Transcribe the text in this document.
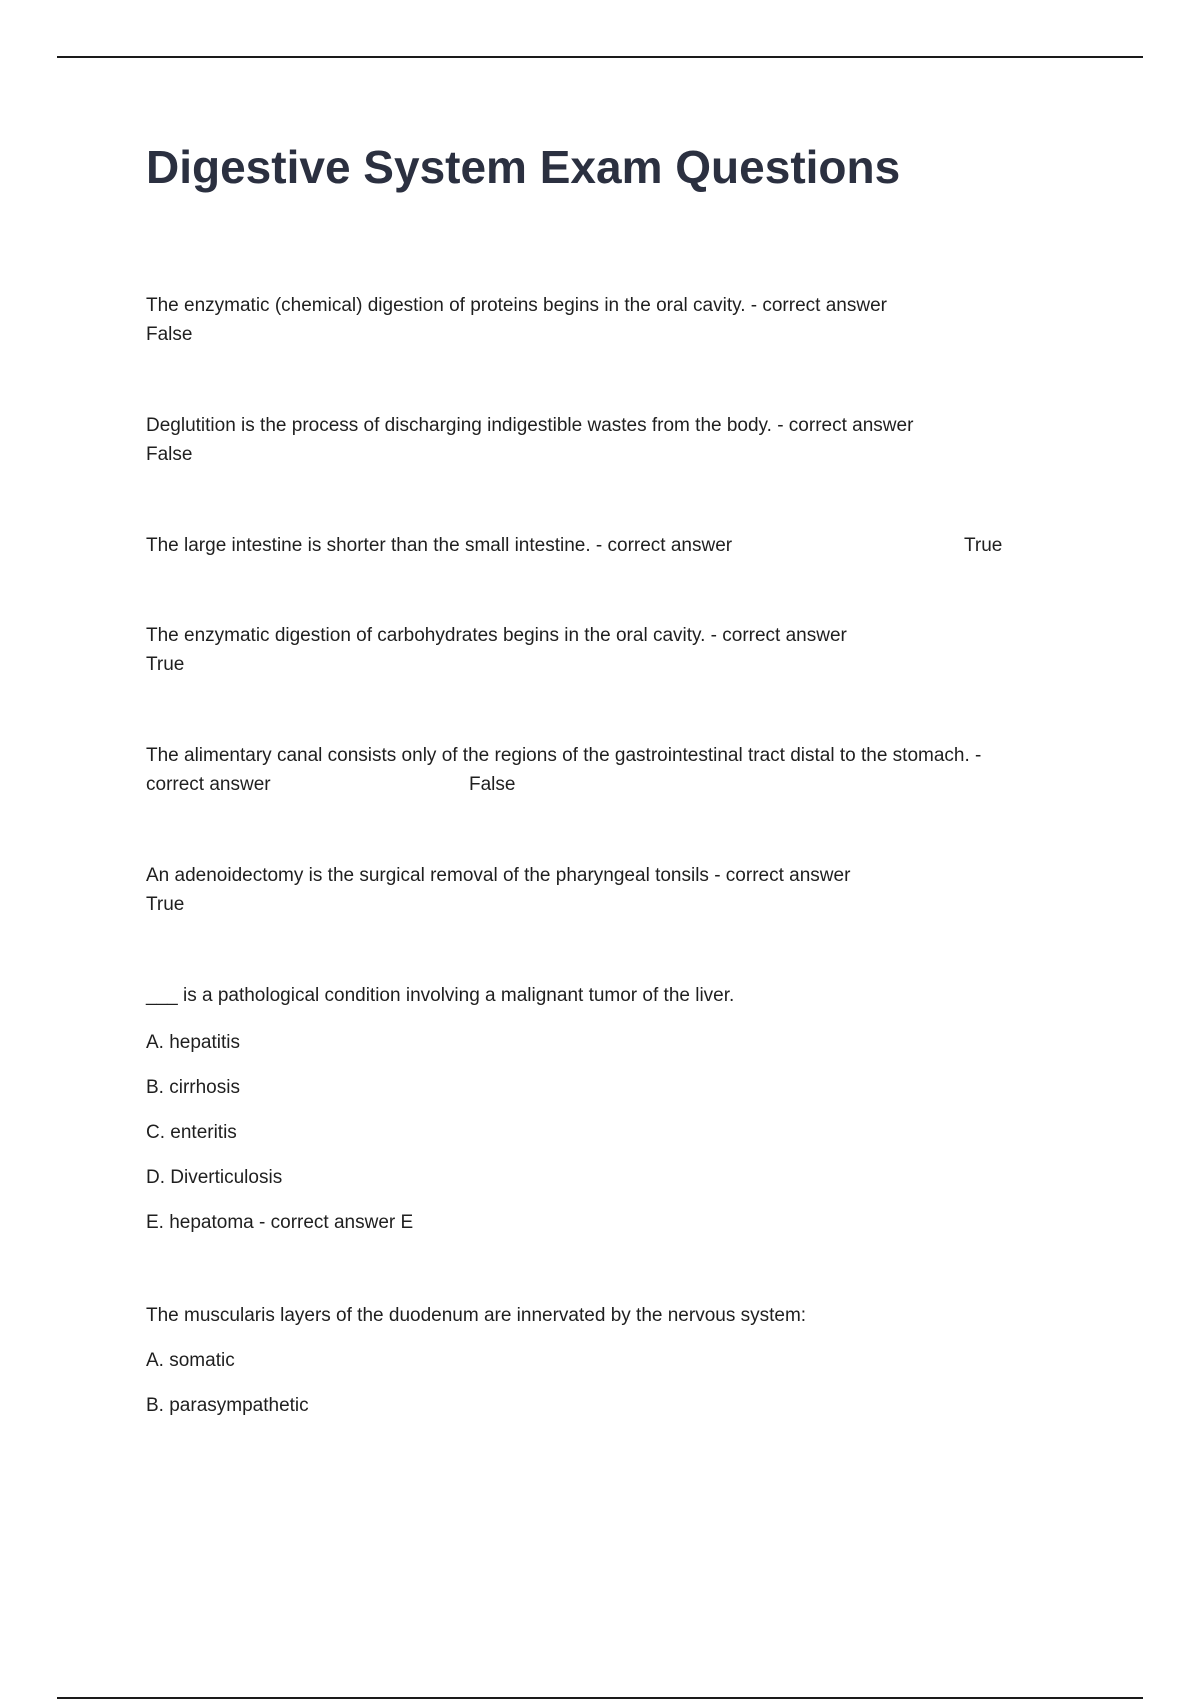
Digestive System Exam Questions
The enzymatic (chemical) digestion of proteins begins in the oral cavity. - correct answer
False
Deglutition is the process of discharging indigestible wastes from the body. - correct answer
False
The large intestine is shorter than the small intestine. - correct answer	True
The enzymatic digestion of carbohydrates begins in the oral cavity. - correct answer
True
The alimentary canal consists only of the regions of the gastrointestinal tract distal to the stomach. -
correct answer	False
An adenoidectomy is the surgical removal of the pharyngeal tonsils - correct answer
True
___ is a pathological condition involving a malignant tumor of the liver.
A. hepatitis
B. cirrhosis
C. enteritis
D. Diverticulosis
E. hepatoma - correct answer E
The muscularis layers of the duodenum are innervated by the nervous system:
A. somatic
B. parasympathetic
